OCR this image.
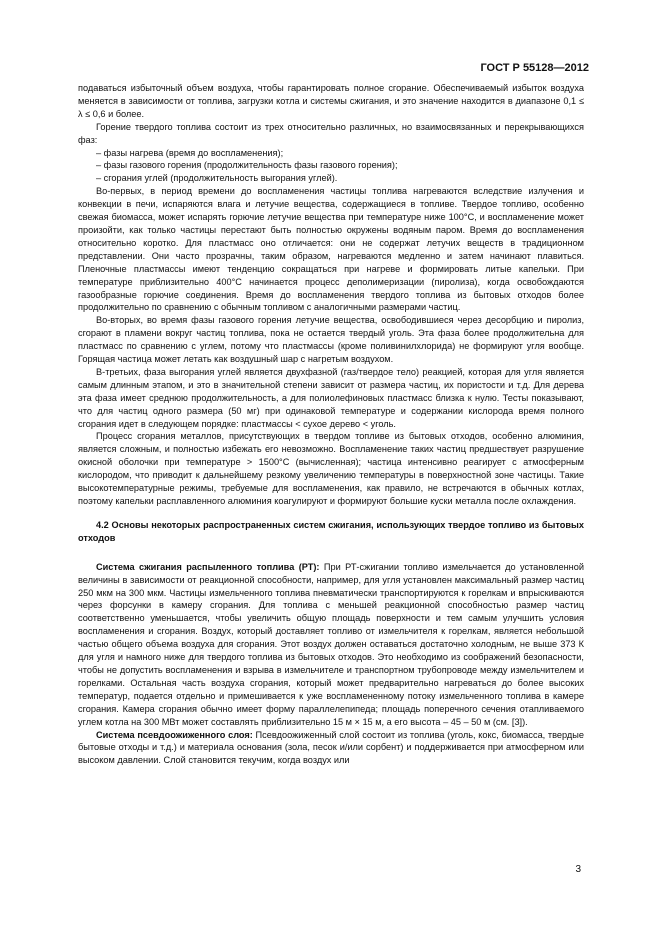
ГОСТ Р 55128—2012

подаваться избыточный объем воздуха, чтобы гарантировать полное сгорание. Обеспечиваемый избыток воздуха меняется в зависимости от топлива, загрузки котла и системы сжигания, и это значение находится в диапазоне 0,1 ≤ λ ≤ 0,6 и более.

Горение твердого топлива состоит из трех относительно различных, но взаимосвязанных и перекрывающихся фаз:

– фазы нагрева (время до воспламенения);

– фазы газового горения (продолжительность фазы газового горения);

– сгорания углей (продолжительность выгорания углей).

Во-первых, в период времени до воспламенения частицы топлива нагреваются вследствие излучения и конвекции в печи, испаряются влага и летучие вещества, содержащиеся в топливе. Твердое топливо, особенно свежая биомасса, может испарять горючие летучие вещества при температуре ниже 100°С, и воспламенение может произойти, как только частицы перестают быть полностью окружены водяным паром. Время до воспламенения относительно коротко. Для пластмасс оно отличается: они не содержат летучих веществ в традиционном представлении. Они часто прозрачны, таким образом, нагреваются медленно и затем начинают плавиться. Пленочные пластмассы имеют тенденцию сокращаться при нагреве и формировать литые капельки. При температуре приблизительно 400°С начинается процесс деполимеризации (пиролиза), когда освобождаются газообразные горючие соединения. Время до воспламенения твердого топлива из бытовых отходов более продолжительно по сравнению с обычным топливом с аналогичными размерами частиц.

Во-вторых, во время фазы газового горения летучие вещества, освободившиеся через десорбцию и пиролиз, сгорают в пламени вокруг частиц топлива, пока не остается твердый уголь. Эта фаза более продолжительна для пластмасс по сравнению с углем, потому что пластмассы (кроме поливинилхлорида) не формируют угля вообще. Горящая частица может летать как воздушный шар с нагретым воздухом.

В-третьих, фаза выгорания углей является двухфазной (газ/твердое тело) реакцией, которая для угля является самым длинным этапом, и это в значительной степени зависит от размера частиц, их пористости и т.д. Для дерева эта фаза имеет среднюю продолжительность, а для полиолефиновых пластмасс близка к нулю. Тесты показывают, что для частиц одного размера (50 мг) при одинаковой температуре и содержании кислорода время полного сгорания идет в следующем порядке: пластмассы < сухое дерево < уголь.

Процесс сгорания металлов, присутствующих в твердом топливе из бытовых отходов, особенно алюминия, является сложным, и полностью избежать его невозможно. Воспламенение таких частиц предшествует разрушение окисной оболочки при температуре > 1500°С (вычисленная); частица интенсивно реагирует с атмосферным кислородом, что приводит к дальнейшему резкому увеличению температуры в поверхностной зоне частицы. Такие высокотемпературные режимы, требуемые для воспламенения, как правило, не встречаются в обычных котлах, поэтому капельки расплавленного алюминия коагулируют и формируют большие куски металла после охлаждения.

4.2 Основы некоторых распространенных систем сжигания, использующих твердое топливо из бытовых отходов

Система сжигания распыленного топлива (РТ): При РТ-сжигании топливо измельчается до установленной величины в зависимости от реакционной способности, например, для угля установлен максимальный размер частиц 250 мкм на 300 мкм. Частицы измельченного топлива пневматически транспортируются к горелкам и впрыскиваются через форсунки в камеру сгорания. Для топлива с меньшей реакционной способностью размер частиц соответственно уменьшается, чтобы увеличить общую площадь поверхности и тем самым улучшить условия воспламенения и сгорания. Воздух, который доставляет топливо от измельчителя к горелкам, является небольшой частью общего объема воздуха для сгорания. Этот воздух должен оставаться достаточно холодным, не выше 373 К для угля и намного ниже для твердого топлива из бытовых отходов. Это необходимо из соображений безопасности, чтобы не допустить воспламенения и взрыва в измельчителе и транспортном трубопроводе между измельчителем и горелками. Остальная часть воздуха сгорания, который может предварительно нагреваться до более высоких температур, подается отдельно и примешивается к уже воспламененному потоку измельченного топлива в камере сгорания. Камера сгорания обычно имеет форму параллелепипеда; площадь поперечного сечения отапливаемого углем котла на 300 МВт может составлять приблизительно 15 м × 15 м, а его высота – 45 – 50 м (см. [3]).

Система псевдоожиженного слоя: Псевдоожиженный слой состоит из топлива (уголь, кокс, биомасса, твердые бытовые отходы и т.д.) и материала основания (зола, песок и/или сорбент) и поддерживается при атмосферном или высоком давлении. Слой становится текучим, когда воздух или

3
